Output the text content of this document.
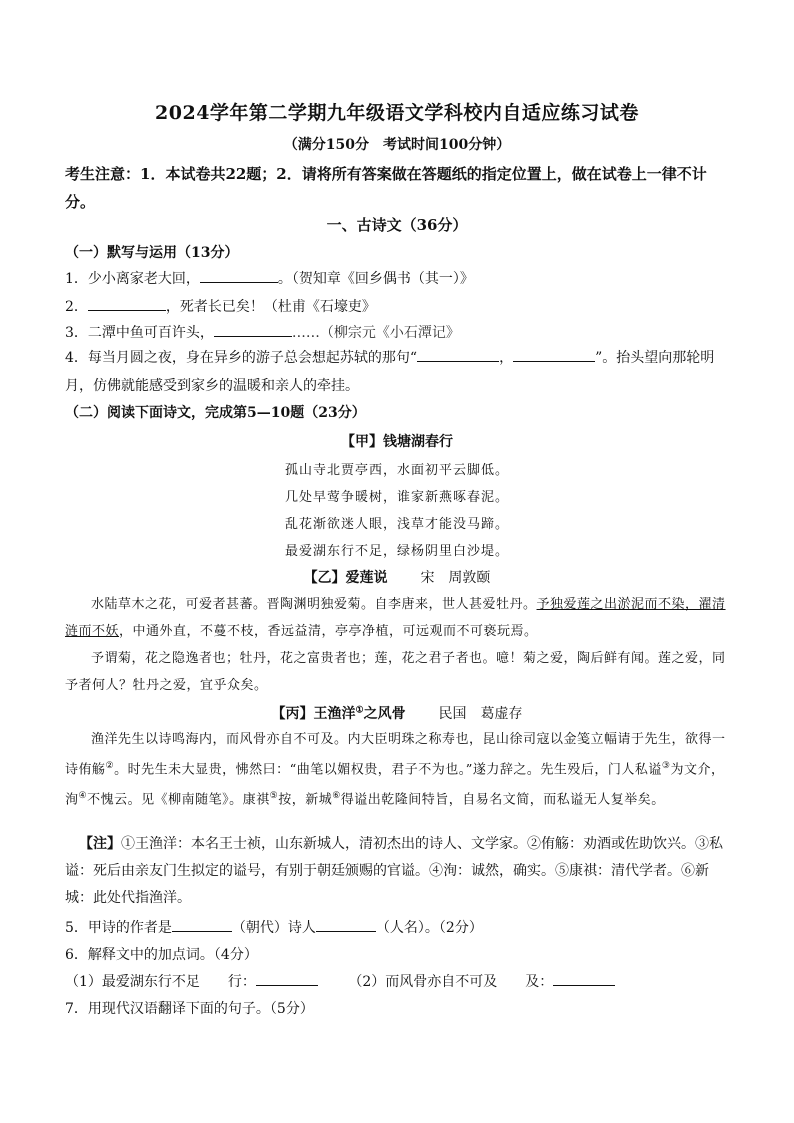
2024学年第二学期九年级语文学科校内自适应练习试卷
（满分150分　考试时间100分钟）
考生注意：1．本试卷共22题；2．请将所有答案做在答题纸的指定位置上，做在试卷上一律不计分。
一、古诗文（36分）
（一）默写与运用（13分）
1．少小离家老大回，	。（贺知章《回乡偶书（其一）》
2．	，死者长已矣！（杜甫《石壕吏》
3．二潭中鱼可百许头，	……（柳宗元《小石潭记》
4．每当月圆之夜，身在异乡的游子总会想起苏轼的那句“	，	”。抬头望向那轮明月，仿佛就能感受到家乡的温暖和亲人的牵挂。
（二）阅读下面诗文，完成第5—10题（23分）
【甲】钱塘湖春行
孤山寺北贾亭西，水面初平云脚低。
几处早莺争暖树，谁家新燕啄春泥。
乱花渐欲迷人眼，浅草才能没马蹄。
最爱湖东行不足，绿杨阴里白沙堤。
【乙】爱莲说 宋　周敦颐
水陆草木之花，可爱者甚蕃。晋陶渊明独爱菊。自李唐来，世人甚爱牡丹。予独爱莲之出淤泥而不染，濯清涟而不妖，中通外直，不蔓不枝，香远益清，亭亭净植，可远观而不可亵玩焉。
予谓菊，花之隐逸者也；牡丹，花之富贵者也；莲，花之君子者也。噫！菊之爱，陶后鲜有闻。莲之爱，同予者何人？牡丹之爱，宜乎众矣。
【丙】王渔洋①之风骨 民国　葛虚存
渔洋先生以诗鸣海内，而风骨亦自不可及。内大臣明珠之称寿也，昆山徐司寇以金笺立幅请于先生，欲得一诗侑觞②。时先生未大显贵，怫然曰：“曲笔以媚权贵，君子不为也。”遂力辞之。先生殁后，门人私谥③为文介，洵④不愧云。见《柳南随笔》。康祺⑤按，新城⑥得谥出乾隆间特旨，自易名文简，而私谥无人复举矣。
【注】①王渔洋：本名王士祯，山东新城人，清初杰出的诗人、文学家。②侑觞：劝酒或佐助饮兴。③私谥：死后由亲友门生拟定的谥号，有别于朝廷颁赐的官谥。④洵：诚然，确实。⑤康祺：清代学者。⑥新城：此处代指渔洋。
5．甲诗的作者是	（朝代）诗人	（人名）。（2分）
6．解释文中的加点词。（4分）
（1）最爱湖东行不足　　行：	（2）而风骨亦自不可及　　及：
7．用现代汉语翻译下面的句子。（5分）
